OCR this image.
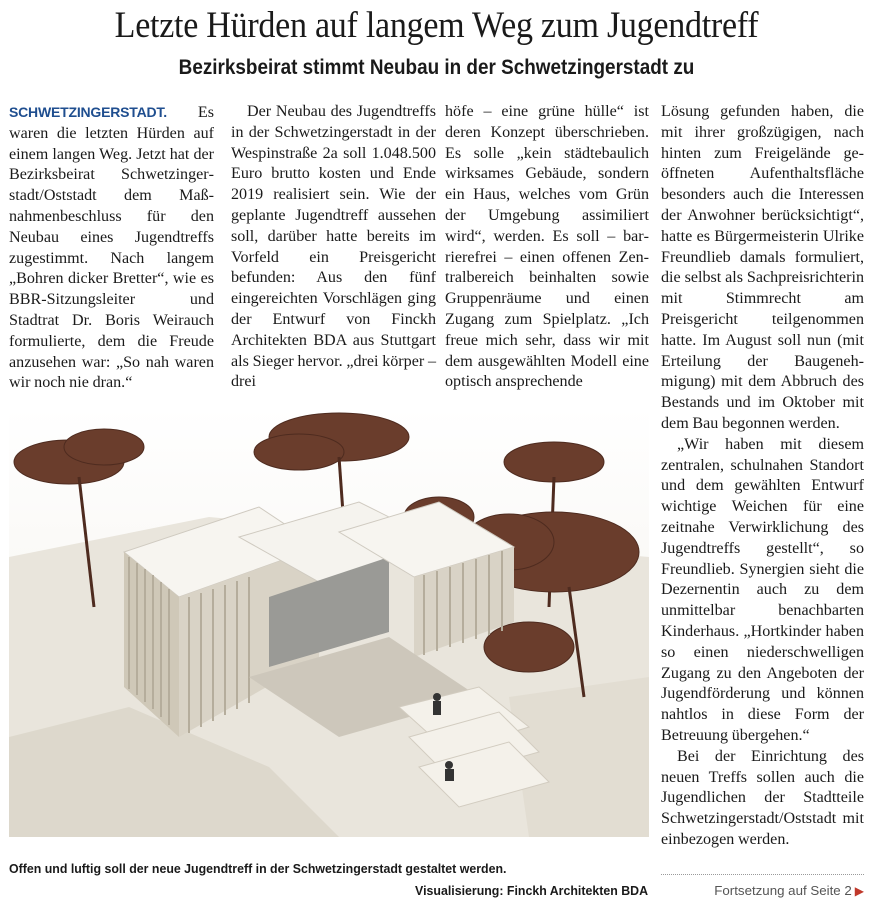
Letzte Hürden auf langem Weg zum Jugendtreff
Bezirksbeirat stimmt Neubau in der Schwetzingerstadt zu

SCHWETZINGERSTADT. Es waren die letzten Hürden auf einem langen Weg. Jetzt hat der Bezirksbeirat Schwetzingerstadt/Oststadt dem Maßnahmenbeschluss für den Neubau eines Jugendtreffs zugestimmt. Nach langem „Bohren dicker Bretter“, wie es BBR-Sitzungsleiter und Stadtrat Dr. Boris Weirauch formulierte, dem die Freude anzusehen war: „So nah waren wir noch nie dran.“

Der Neubau des Jugendtreffs in der Schwetzingerstadt in der Wespinstraße 2a soll 1.048.500 Euro brutto kosten und Ende 2019 realisiert sein. Wie der geplante Jugendtreff aussehen soll, darüber hatte bereits im Vorfeld ein Preisgericht befunden: Aus den fünf eingereichten Vorschlägen ging der Entwurf von Finckh Architekten BDA aus Stuttgart als Sieger hervor. „drei körper – drei

höfe – eine grüne hülle“ ist deren Konzept überschrieben. Es solle „kein städtebaulich wirksames Gebäude, sondern ein Haus, welches vom Grün der Umgebung assimiliert wird“, werden. Es soll – barrierefrei – einen offenen Zentralbereich beinhalten sowie Gruppenräume und einen Zugang zum Spielplatz. „Ich freue mich sehr, dass wir mit dem ausgewählten Modell eine optisch ansprechende

Lösung gefunden haben, die mit ihrer großzügigen, nach hinten zum Freigelände geöffneten Aufenthaltsfläche besonders auch die Interessen der Anwohner berücksichtigt“, hatte es Bürgermeisterin Ulrike Freundlieb damals formuliert, die selbst als Sachpreisrichterin mit Stimmrecht am Preisgericht teilgenommen hatte. Im August soll nun (mit Erteilung der Baugenehmigung) mit dem Abbruch des Bestands und im Oktober mit dem Bau begonnen werden.

„Wir haben mit diesem zentralen, schulnahen Standort und dem gewählten Entwurf wichtige Weichen für eine zeitnahe Verwirklichung des Jugendtreffs gestellt“, so Freundlieb. Synergien sieht die Dezernentin auch zu dem unmittelbar benachbarten Kinderhaus. „Hortkinder haben so einen niederschwelligen Zugang zu den Angeboten der Jugendförderung und können nahtlos in diese Form der Betreuung übergehen.“

Bei der Einrichtung des neuen Treffs sollen auch die Jugendlichen der Stadtteile Schwetzingerstadt/Oststadt mit einbezogen werden.

Offen und luftig soll der neue Jugendtreff in der Schwetzingerstadt gestaltet werden.
Visualisierung: Finckh Architekten BDA	Fortsetzung auf Seite 2 ▶
